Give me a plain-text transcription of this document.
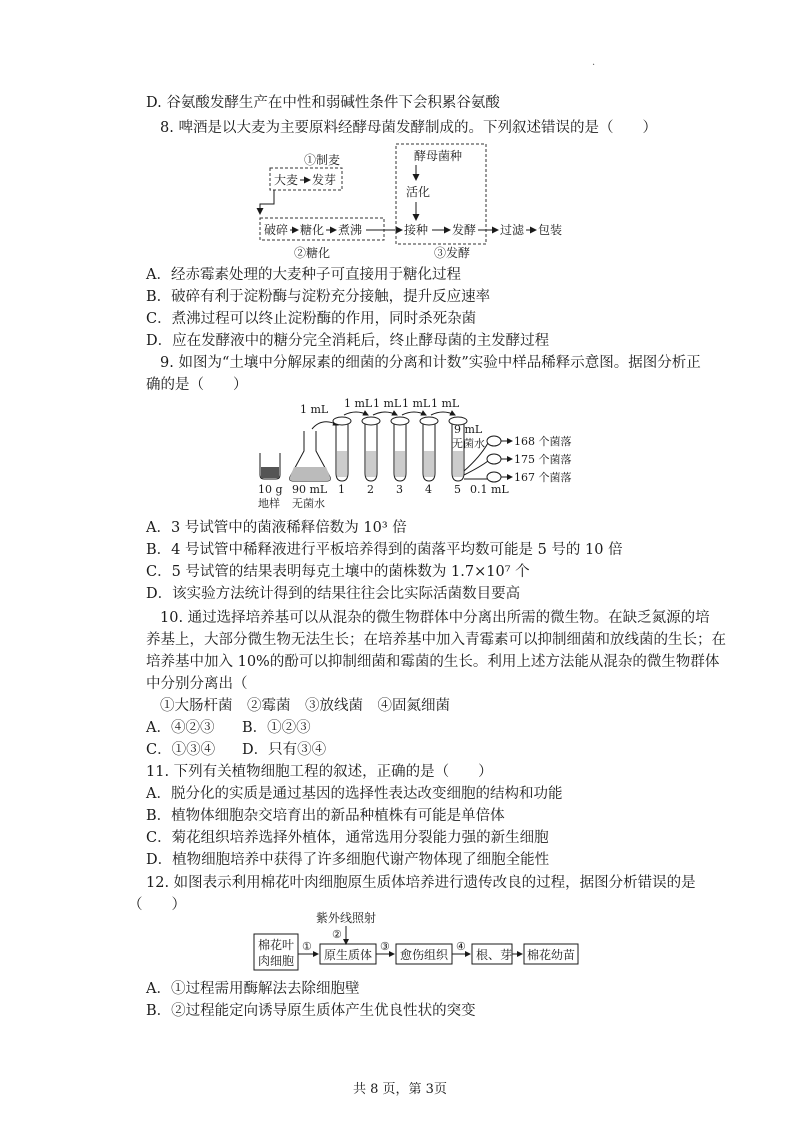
D. 谷氨酸发酵生产在中性和弱碱性条件下会积累谷氨酸
8. 啤酒是以大麦为主要原料经酵母菌发酵制成的。下列叙述错误的是（　　）
①制麦
大麦 发芽
破碎 糖化 煮沸
②糖化
酵母菌种
活化
接种 发酵
③发酵
过滤 包装
A．经赤霉素处理的大麦种子可直接用于糖化过程
B．破碎有利于淀粉酶与淀粉充分接触，提升反应速率
C．煮沸过程可以终止淀粉酶的作用，同时杀死杂菌
D．应在发酵液中的糖分完全消耗后，终止酵母菌的主发酵过程
9. 如图为“土壤中分解尿素的细菌的分离和计数”实验中样品稀释示意图。据图分析正
确的是（　　）
10 g
地样
90 mL
无菌水
1 mL 1 mL 1 mL 1 mL 1 mL
1 2 3 4 5
9 mL
无菌水	168 个菌落
175 个菌落
167 个菌落
0.1 mL
A．3 号试管中的菌液稀释倍数为 10³ 倍
B．4 号试管中稀释液进行平板培养得到的菌落平均数可能是 5 号的 10 倍
C．5 号试管的结果表明每克土壤中的菌株数为 1.7×10⁷ 个
D．该实验方法统计得到的结果往往会比实际活菌数目要高
10. 通过选择培养基可以从混杂的微生物群体中分离出所需的微生物。在缺乏氮源的培
养基上，大部分微生物无法生长；在培养基中加入青霉素可以抑制细菌和放线菌的生长；在
培养基中加入 10%的酚可以抑制细菌和霉菌的生长。利用上述方法能从混杂的微生物群体
中分别分离出（
①大肠杆菌　②霉菌　③放线菌　④固氮细菌
A．④②③ B．①②③
C．①③④ D．只有③④
11. 下列有关植物细胞工程的叙述，正确的是（　　）
A．脱分化的实质是通过基因的选择性表达改变细胞的结构和功能
B．植物体细胞杂交培育出的新品种植株有可能是单倍体
C．菊花组织培养选择外植体，通常选用分裂能力强的新生细胞
D．植物细胞培养中获得了许多细胞代谢产物体现了细胞全能性
12. 如图表示利用棉花叶肉细胞原生质体培养进行遗传改良的过程，据图分析错误的是
（　　）
紫外线照射
②
棉花叶
肉细胞
①
原生质体
③
愈伤组织
④
根、芽 棉花幼苗
A．①过程需用酶解法去除细胞壁
B．②过程能定向诱导原生质体产生优良性状的突变
·
共 8 页，第 3页
